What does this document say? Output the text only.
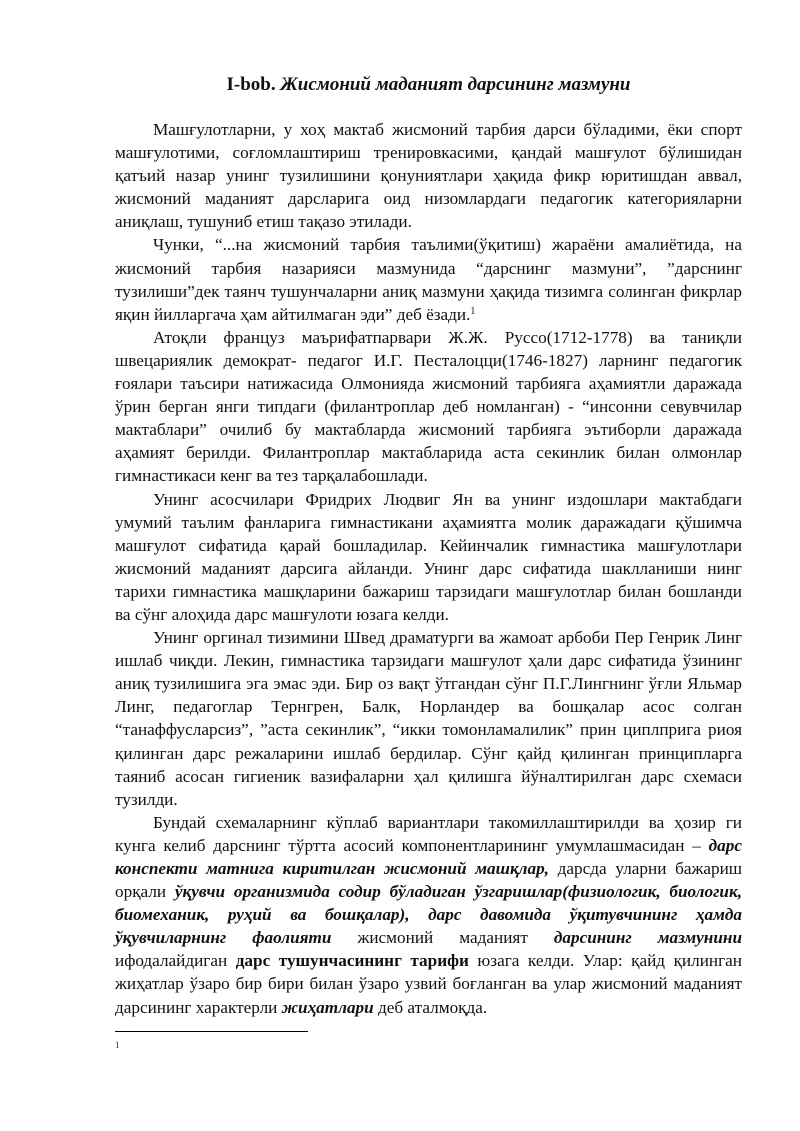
I-bob. Жисмоний маданият дарсининг мазмуни

Машғулотларни, у хоҳ мактаб жисмоний тарбия дарси бўладими, ёки спорт машғулотими, соғломлаштириш тренировкасими, қандай машғулот бўлишидан қатъий назар унинг тузилишини қонуниятлари ҳақида фикр юритишдан аввал, жисмоний маданият дарсларига оид низомлардаги педагогик категорияларни аниқлаш, тушуниб етиш тақазо этилади.

Чунки, “...на жисмоний тарбия таълими(ўқитиш) жараёни амалиётида, на жисмоний тарбия назарияси мазмунида “дарснинг мазмуни”, ”дарснинг тузилиши”дек таянч тушунчаларни аниқ мазмуни ҳақида тизимга солинган фикрлар яқин йилларгача ҳам айтилмаган эди” деб ёзади.$^1$

Атоқли француз маърифатпарвари Ж.Ж. Руссо(1712-1778) ва таниқли швецариялик демократ- педагог И.Г. Песталоцци(1746-1827) ларнинг педагогик ғоялари таъсири натижасида Олмонияда жисмоний тарбияга аҳамиятли даражада ўрин берган янги типдаги (филантроплар деб номланган) - “инсонни севувчилар мактаблари” очилиб бу мактабларда жисмоний тарбияга эътиборли даражада аҳамият берилди. Филантроплар мактабларида аста секинлик билан олмонлар гимнастикаси кенг ва тез тарқалабошлади.

Унинг асосчилари Фридрих Людвиг Ян ва унинг издошлари мактабдаги умумий таълим фанларига гимнастикани аҳамиятга молик даражадаги қўшимча машғулот сифатида қарай бошладилар. Кейинчалик гимнастика машғулотлари жисмоний маданият дарсига айланди. Унинг дарс сифатида шаклланиши нинг тарихи гимнастика машқларини бажариш тарзидаги машғулотлар билан бошланди ва сўнг алоҳида дарс машғулоти юзага келди.

Унинг оргинал тизимини Швед драматурги ва жамоат арбоби Пер Генрик Линг ишлаб чиқди. Лекин, гимнастика тарзидаги машғулот ҳали дарс сифатида ўзининг аниқ тузилишига эга эмас эди. Бир оз вақт ўтгандан сўнг П.Г.Лингнинг ўғли Яльмар Линг, педагоглар Тернгрен, Балк, Норландер ва бошқалар асос солган “танаффусларсиз”, ”аста секинлик”, “икки томонламалилик” прин циплприга риоя қилинган дарс режаларини ишлаб бердилар. Сўнг қайд қилинган принципларга таяниб асосан гигиеник вазифаларни ҳал қилишга йўналтирилган дарс схемаси тузилди.

Бундай схемаларнинг кўплаб вариантлари такомиллаштирилди ва ҳозир ги кунга келиб дарснинг тўртта асосий компонентларининг умумлашмасидан – дарс конспекти матнига киритилган жисмоний машқлар, дарсда уларни бажариш орқали ўқувчи организмида содир бўладиган ўзгаришлар(физиологик, биологик, биомеханик, руҳий ва бошқалар), дарс давомида ўқитувчининг ҳамда ўқувчиларнинг фаолияти жисмоний маданият дарсининг мазмунини ифодалайдиган дарс тушунчасининг тарифи юзага келди. Улар: қайд қилинган жиҳатлар ўзаро бир бири билан ўзаро узвий боғланган ва улар жисмоний маданият дарсининг характерли жиҳатлари деб аталмоқда.

1
